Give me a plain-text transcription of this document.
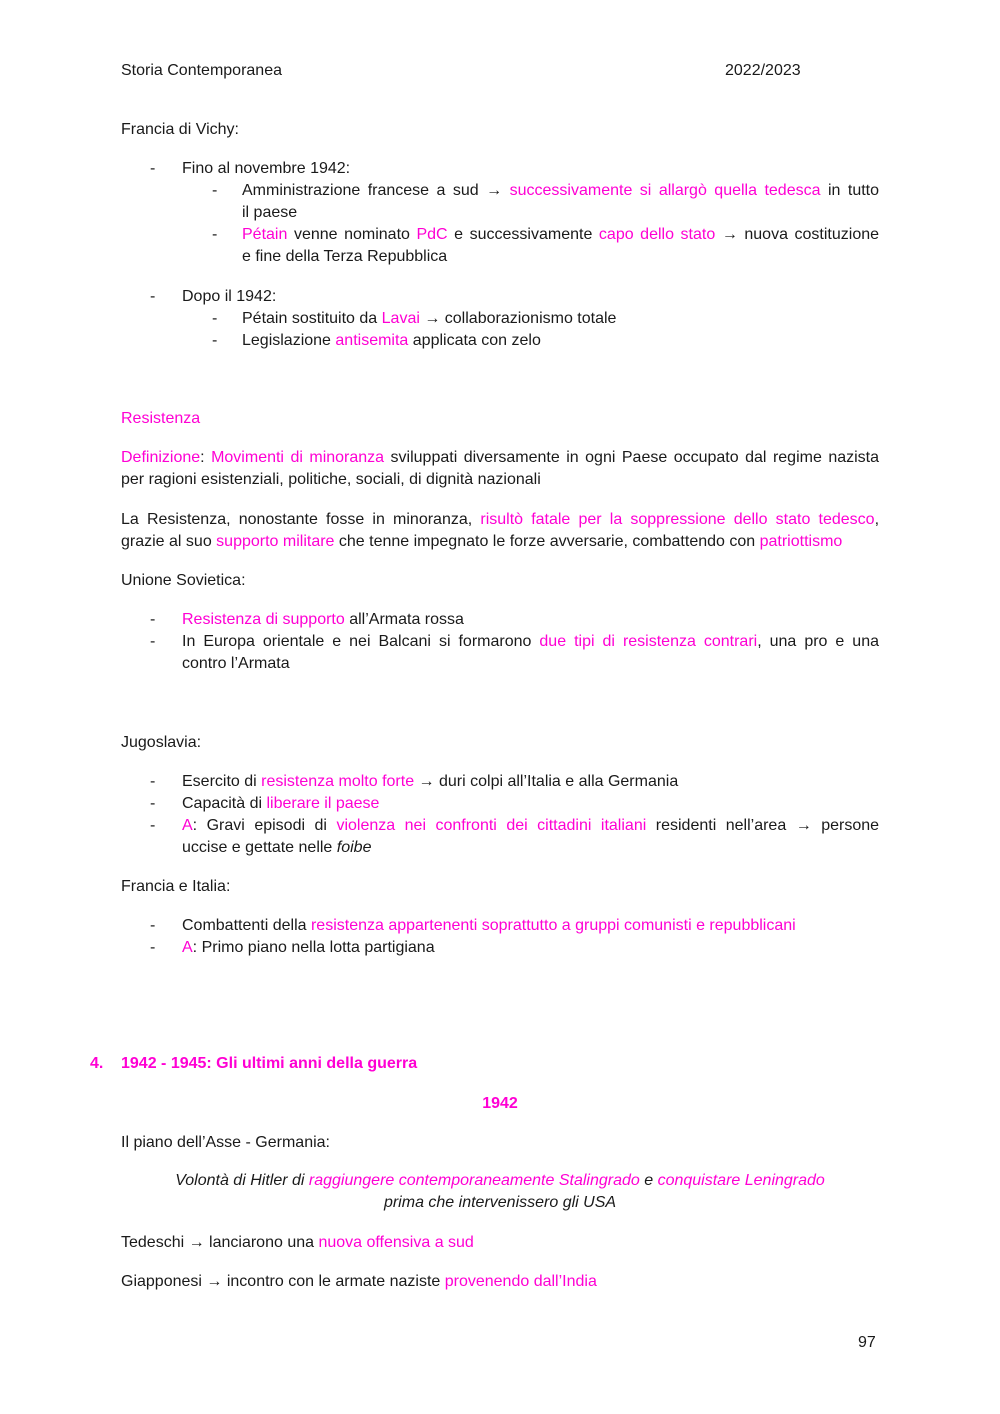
Storia Contemporanea	2022/2023
Francia di Vichy:
- Fino al novembre 1942:
- Amministrazione francese a sud → successivamente si allargò quella tedesca in tutto
il paese
- Pétain venne nominato PdC e successivamente capo dello stato → nuova costituzione
e fine della Terza Repubblica
- Dopo il 1942:
- Pétain sostituito da Lavai → collaborazionismo totale
- Legislazione antisemita applicata con zelo
Resistenza
Definizione: Movimenti di minoranza sviluppati diversamente in ogni Paese occupato dal regime nazista
per ragioni esistenziali, politiche, sociali, di dignità nazionali
La Resistenza, nonostante fosse in minoranza, risultò fatale per la soppressione dello stato tedesco,
grazie al suo supporto militare che tenne impegnato le forze avversarie, combattendo con patriottismo
Unione Sovietica:
- Resistenza di supporto all’Armata rossa
- In Europa orientale e nei Balcani si formarono due tipi di resistenza contrari, una pro e una
contro l’Armata
Jugoslavia:
- Esercito di resistenza molto forte → duri colpi all’Italia e alla Germania
- Capacità di liberare il paese
- A: Gravi episodi di violenza nei confronti dei cittadini italiani residenti nell’area → persone
uccise e gettate nelle foibe
Francia e Italia:
- Combattenti della resistenza appartenenti soprattutto a gruppi comunisti e repubblicani
- A: Primo piano nella lotta partigiana
4. 1942 - 1945: Gli ultimi anni della guerra
1942
Il piano dell’Asse - Germania:
Volontà di Hitler di raggiungere contemporaneamente Stalingrado e conquistare Leningrado
prima che intervenissero gli USA
Tedeschi → lanciarono una nuova offensiva a sud
Giapponesi → incontro con le armate naziste provenendo dall’India
97
